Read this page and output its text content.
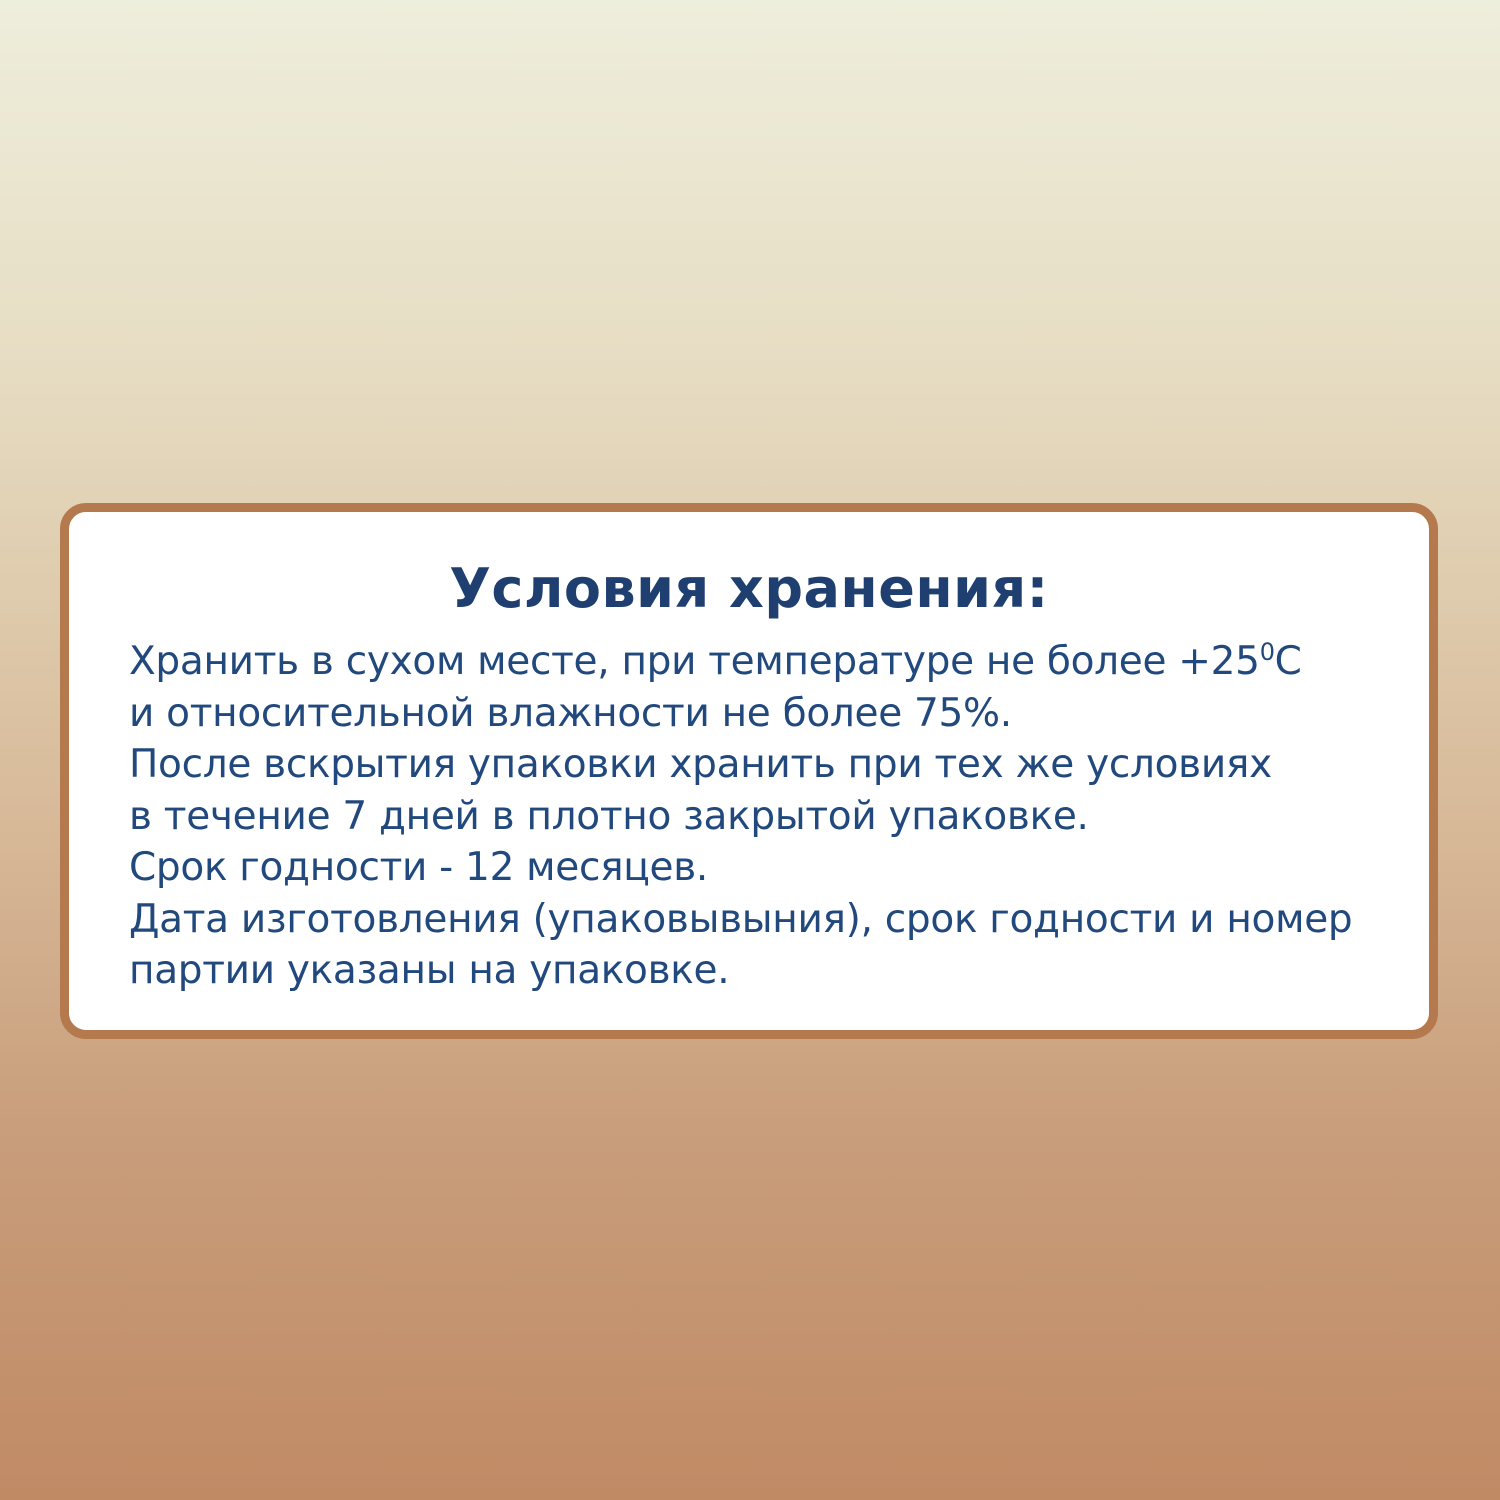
Условия хранения:
Хранить в сухом месте, при температуре не более $+25^0С$
и относительной влажности не более 75%.
После вскрытия упаковки хранить при тех же условиях
в течение 7 дней в плотно закрытой упаковке.
Срок годности - 12 месяцев.
Дата изготовления (упаковывыния), срок годности и номер
партии указаны на упаковке.
